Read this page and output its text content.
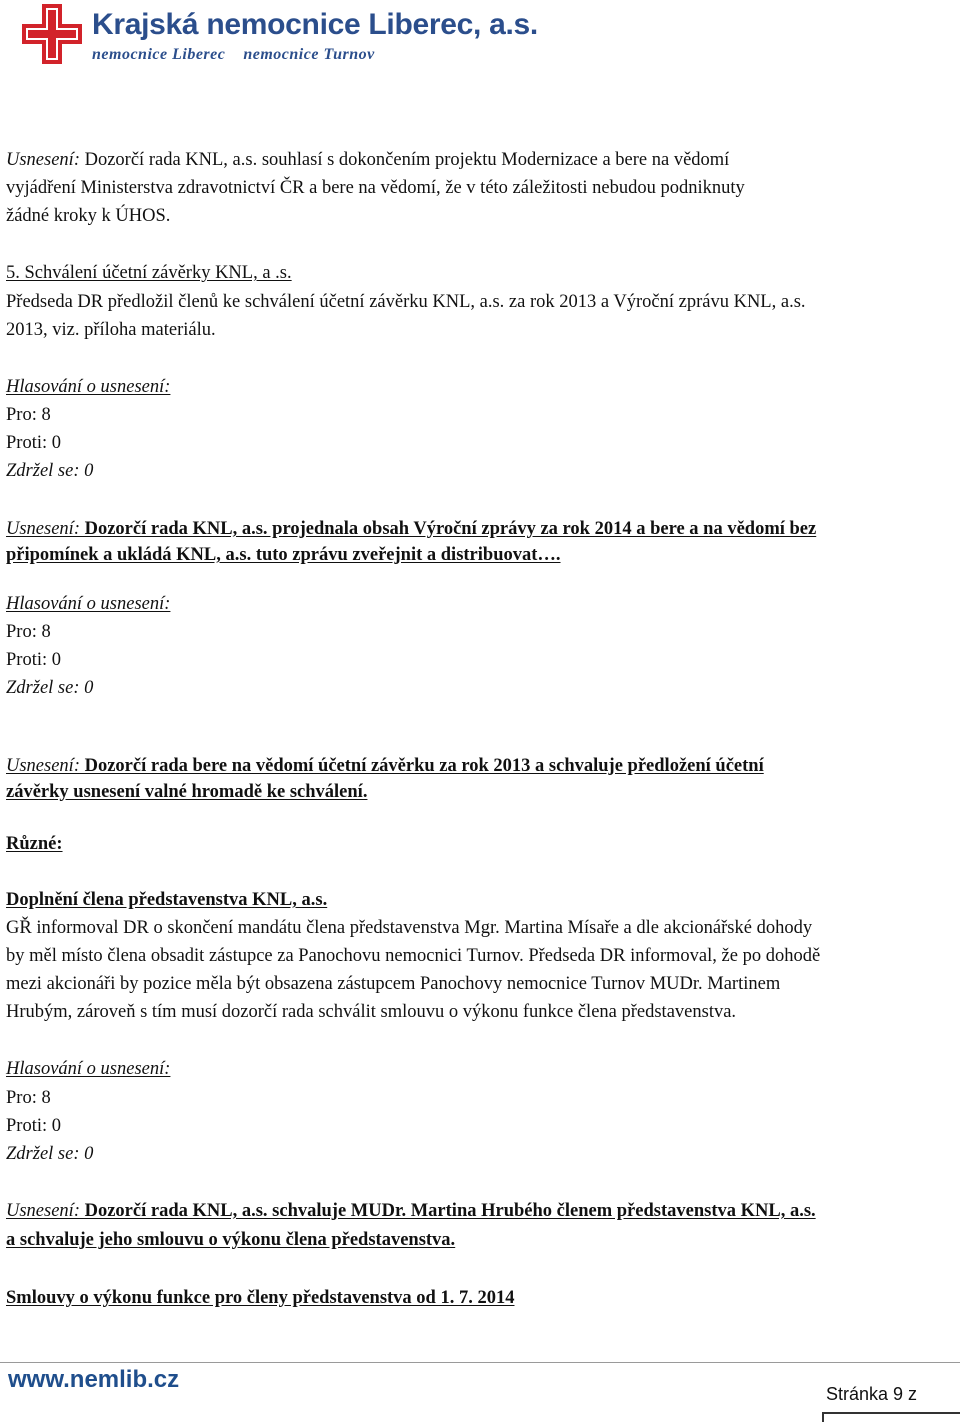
Krajská nemocnice Liberec, a.s.
nemocnice Liberec nemocnice Turnov
Usnesení: Dozorčí rada KNL, a.s. souhlasí s dokončením projektu Modernizace a bere na vědomí
vyjádření Ministerstva zdravotnictví ČR a bere na vědomí, že v této záležitosti nebudou podniknuty
žádné kroky k ÚHOS.
5. Schválení účetní závěrky KNL, a .s.
Předseda DR předložil členů ke schválení účetní závěrku KNL, a.s. za rok 2013 a Výroční zprávu KNL, a.s.
2013, viz. příloha materiálu.
Hlasování o usnesení:
Pro: 8
Proti: 0
Zdržel se: 0
Usnesení: Dozorčí rada KNL, a.s. projednala obsah Výroční zprávy za rok 2014 a bere a na vědomí bez
připomínek a ukládá KNL, a.s. tuto zprávu zveřejnit a distribuovat….
Hlasování o usnesení:
Pro: 8
Proti: 0
Zdržel se: 0
Usnesení: Dozorčí rada bere na vědomí účetní závěrku za rok 2013 a schvaluje předložení účetní
závěrky usnesení valné hromadě ke schválení.
Různé:
Doplnění člena představenstva KNL, a.s.
GŘ informoval DR o skončení mandátu člena představenstva Mgr. Martina Mísaře a dle akcionářské dohody
by měl místo člena obsadit zástupce za Panochovu nemocnici Turnov. Předseda DR informoval, že po dohodě
mezi akcionáři by pozice měla být obsazena zástupcem Panochovy nemocnice Turnov MUDr. Martinem
Hrubým, zároveň s tím musí dozorčí rada schválit smlouvu o výkonu funkce člena představenstva.
Hlasování o usnesení:
Pro: 8
Proti: 0
Zdržel se: 0
Usnesení: Dozorčí rada KNL, a.s. schvaluje MUDr. Martina Hrubého členem představenstva KNL, a.s.
a schvaluje jeho smlouvu o výkonu člena představenstva.
Smlouvy o výkonu funkce pro členy představenstva od 1. 7. 2014
www.nemlib.cz
Stránka 9 z
